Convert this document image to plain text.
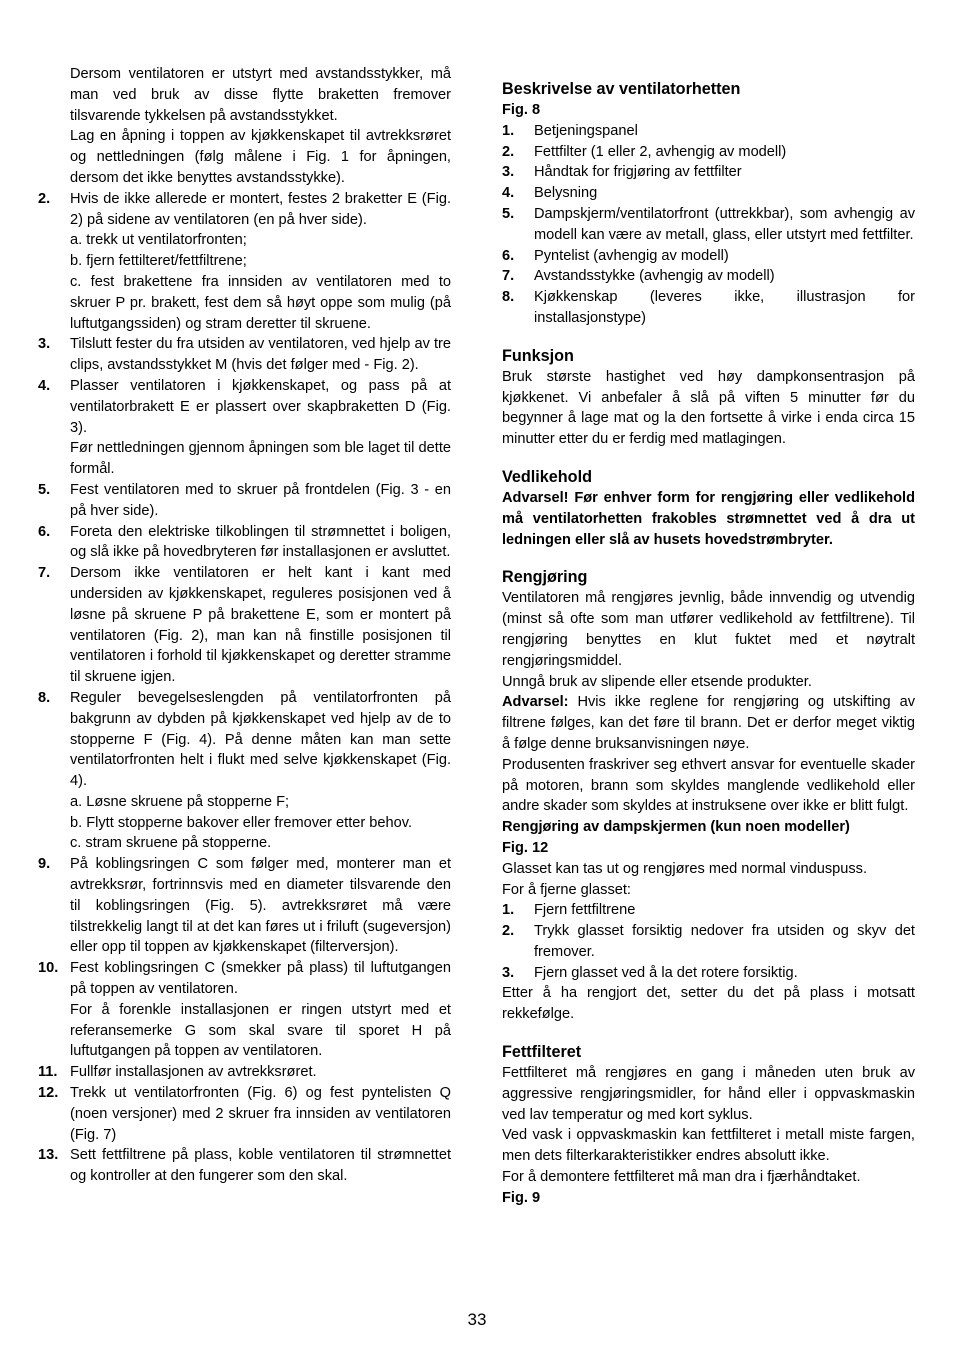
Dersom ventilatoren er utstyrt med avstandsstykker, må man ved bruk av disse flytte braketten fremover tilsvarende tykkelsen på avstandsstykket.

Lag en åpning i toppen av kjøkkenskapet til avtrekksrøret og nettledningen (følg målene i Fig. 1 for åpningen, dersom det ikke benyttes avstandsstykke).

2.	Hvis de ikke allerede er montert, festes 2 braketter E (Fig. 2) på sidene av ventilatoren (en på hver side).

a. trekk ut ventilatorfronten;

b. fjern fettilteret/fettfiltrene;

c. fest brakettene fra innsiden av ventilatoren med to skruer P pr. brakett, fest dem så høyt oppe som mulig (på luftutgangssiden) og stram deretter til skruene.

3.	Tilslutt fester du fra utsiden av ventilatoren, ved hjelp av tre clips, avstandsstykket M (hvis det følger med - Fig. 2).

4.	Plasser ventilatoren i kjøkkenskapet, og pass på at ventilatorbrakett E er plassert over skapbraketten D (Fig. 3).

Før nettledningen gjennom åpningen som ble laget til dette formål.

5.	Fest ventilatoren med to skruer på frontdelen (Fig. 3 - en på hver side).

6.	Foreta den elektriske tilkoblingen til strømnettet i boligen, og slå ikke på hovedbryteren før installasjonen er avsluttet.

7.	Dersom ikke ventilatoren er helt kant i kant med undersiden av kjøkkenskapet, reguleres posisjonen ved å løsne på skruene P på brakettene E, som er montert på ventilatoren (Fig. 2), man kan nå finstille posisjonen til ventilatoren i forhold til kjøkkenskapet og deretter stramme til skruene igjen.

8.	Reguler bevegelseslengden på ventilatorfronten på bakgrunn av dybden på kjøkkenskapet ved hjelp av de to stopperne F (Fig. 4). På denne måten kan man sette ventilatorfronten helt i flukt med selve kjøkkenskapet (Fig. 4).

a. Løsne skruene på stopperne F;

b. Flytt stopperne bakover eller fremover etter behov.

c. stram skruene på stopperne.

9.	På koblingsringen C som følger med, monterer man et avtrekksrør, fortrinnsvis med en diameter tilsvarende den til koblingsringen (Fig. 5). avtrekksrøret må være tilstrekkelig langt til at det kan føres ut i friluft (sugeversjon) eller opp til toppen av kjøkkenskapet (filterversjon).

10. Fest koblingsringen C (smekker på plass) til luftutgangen på toppen av ventilatoren.

For å forenkle installasjonen er ringen utstyrt med et referansemerke G som skal svare til sporet H på luftutgangen på toppen av ventilatoren.

11. Fullfør installasjonen av avtrekksrøret.

12. Trekk ut ventilatorfronten (Fig. 6) og fest pyntelisten Q (noen versjoner) med 2 skruer fra innsiden av ventilatoren (Fig. 7)

13. Sett fettfiltrene på plass, koble ventilatoren til strømnettet og kontroller at den fungerer som den skal.

Beskrivelse av ventilatorhetten
Fig. 8
1.	Betjeningspanel
2.	Fettfilter (1 eller 2, avhengig av modell)
3.	Håndtak for frigjøring av fettfilter
4.	Belysning
5.	Dampskjerm/ventilatorfront (uttrekkbar), som avhengig av modell kan være av metall, glass, eller utstyrt med fettfilter.
6.	Pyntelist (avhengig av modell)
7.	Avstandsstykke (avhengig av modell)
8.	Kjøkkenskap (leveres ikke, illustrasjon for installasjonstype)
Funksjon

Bruk største hastighet ved høy dampkonsentrasjon på kjøkkenet. Vi anbefaler å slå på viften 5 minutter før du begynner å lage mat og la den fortsette å virke i enda circa 15 minutter etter du er ferdig med matlagingen.

Vedlikehold

Advarsel! Før enhver form for rengjøring eller vedlikehold må ventilatorhetten frakobles strømnettet ved å dra ut ledningen eller slå av husets hovedstrømbryter.

Rengjøring

Ventilatoren må rengjøres jevnlig, både innvendig og utvendig (minst så ofte som man utfører vedlikehold av fettfiltrene). Til rengjøring benyttes en klut fuktet med et nøytralt rengjøringsmiddel.

Unngå bruk av slipende eller etsende produkter.

Advarsel: Hvis ikke reglene for rengjøring og utskifting av filtrene følges, kan det føre til brann. Det er derfor meget viktig å følge denne bruksanvisningen nøye.

Produsenten fraskriver seg ethvert ansvar for eventuelle skader på motoren, brann som skyldes manglende vedlikehold eller andre skader som skyldes at instruksene over ikke er blitt fulgt.

Rengjøring av dampskjermen (kun noen modeller)
Fig. 12

Glasset kan tas ut og rengjøres med normal vinduspuss.

For å fjerne glasset:

1.	Fjern fettfiltrene
2.	Trykk glasset forsiktig nedover fra utsiden og skyv det fremover.
3.	Fjern glasset ved å la det rotere forsiktig.

Etter å ha rengjort det, setter du det på plass i motsatt rekkefølge.

Fettfilteret

Fettfilteret må rengjøres en gang i måneden uten bruk av aggressive rengjøringsmidler, for hånd eller i oppvaskmaskin ved lav temperatur og med kort syklus.

Ved vask i oppvaskmaskin kan fettfilteret i metall miste fargen, men dets filterkarakteristikker endres absolutt ikke.

For å demontere fettfilteret må man dra i fjærhåndtaket.

Fig. 9
33
